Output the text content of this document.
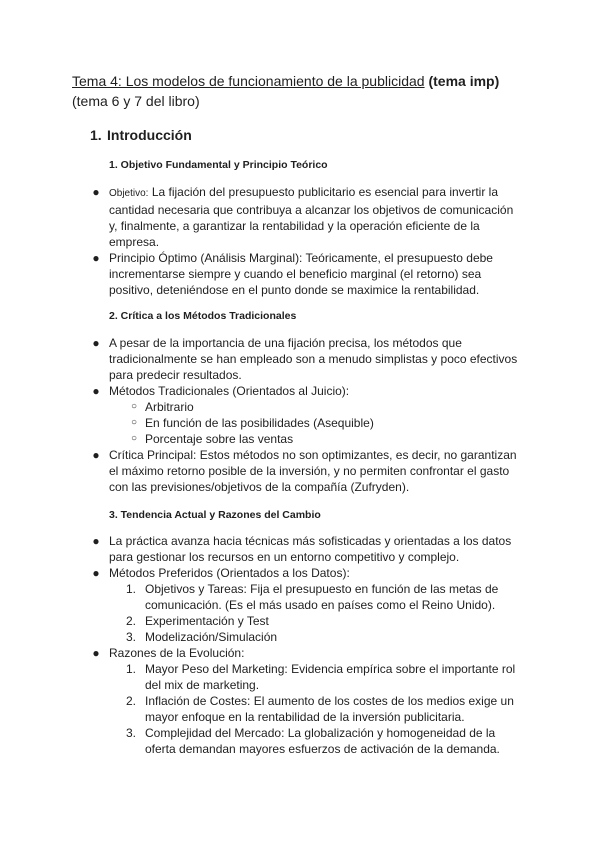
Tema 4: Los modelos de funcionamiento de la publicidad (tema imp)
(tema 6 y 7 del libro)
1. Introducción
1. Objetivo Fundamental y Principio Teórico
● Objetivo: La fijación del presupuesto publicitario es esencial para invertir la cantidad necesaria que contribuya a alcanzar los objetivos de comunicación y, finalmente, a garantizar la rentabilidad y la operación eficiente de la empresa.
● Principio Óptimo (Análisis Marginal): Teóricamente, el presupuesto debe incrementarse siempre y cuando el beneficio marginal (el retorno) sea positivo, deteniéndose en el punto donde se maximice la rentabilidad.
2. Crítica a los Métodos Tradicionales
● A pesar de la importancia de una fijación precisa, los métodos que tradicionalmente se han empleado son a menudo simplistas y poco efectivos para predecir resultados.
● Métodos Tradicionales (Orientados al Juicio):
○ Arbitrario
○ En función de las posibilidades (Asequible)
○ Porcentaje sobre las ventas
● Crítica Principal: Estos métodos no son optimizantes, es decir, no garantizan el máximo retorno posible de la inversión, y no permiten confrontar el gasto con las previsiones/objetivos de la compañía (Zufryden).
3. Tendencia Actual y Razones del Cambio
● La práctica avanza hacia técnicas más sofisticadas y orientadas a los datos para gestionar los recursos en un entorno competitivo y complejo.
● Métodos Preferidos (Orientados a los Datos):
1. Objetivos y Tareas: Fija el presupuesto en función de las metas de comunicación. (Es el más usado en países como el Reino Unido).
2. Experimentación y Test
3. Modelización/Simulación
● Razones de la Evolución:
1. Mayor Peso del Marketing: Evidencia empírica sobre el importante rol del mix de marketing.
2. Inflación de Costes: El aumento de los costes de los medios exige un mayor enfoque en la rentabilidad de la inversión publicitaria.
3. Complejidad del Mercado: La globalización y homogeneidad de la oferta demandan mayores esfuerzos de activación de la demanda.
